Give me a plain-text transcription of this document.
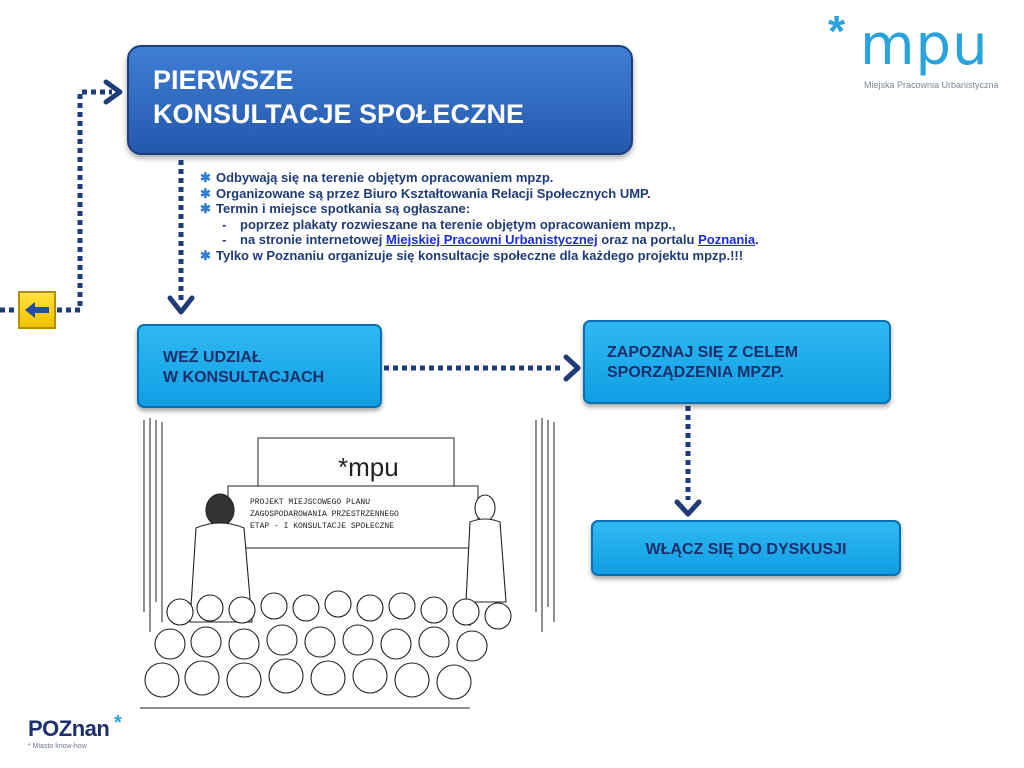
PIERWSZE
KONSULTACJE SPOŁECZNE
* mpu
Miejska Pracownia Urbanistyczna
✱ Odbywają się na terenie objętym opracowaniem mpzp.
✱ Organizowane są przez Biuro Kształtowania Relacji Społecznych UMP.
✱ Termin i miejsce spotkania są ogłaszane:
-	poprzez plakaty rozwieszane na terenie objętym opracowaniem mpzp.,
-	na stronie internetowej
Miejskiej Pracowni Urbanistycznej
oraz na portalu
Poznania .
✱ Tylko w Poznaniu organizuje się konsultacje społeczne dla każdego projektu mpzp.!!!
WEŹ UDZIAŁ
W KONSULTACJACH
ZAPOZNAJ SIĘ Z CELEM
SPORZĄDZENIA MPZP.
WŁĄCZ SIĘ DO DYSKUSJI
*mpu
PROJEKT MIEJSCOWEGO PLANU
ZAGOSPODAROWANIA PRZESTRZENNEGO
ETAP - I KONSULTACJE SPOŁECZNE
POZnan *
* Miasto know-how
